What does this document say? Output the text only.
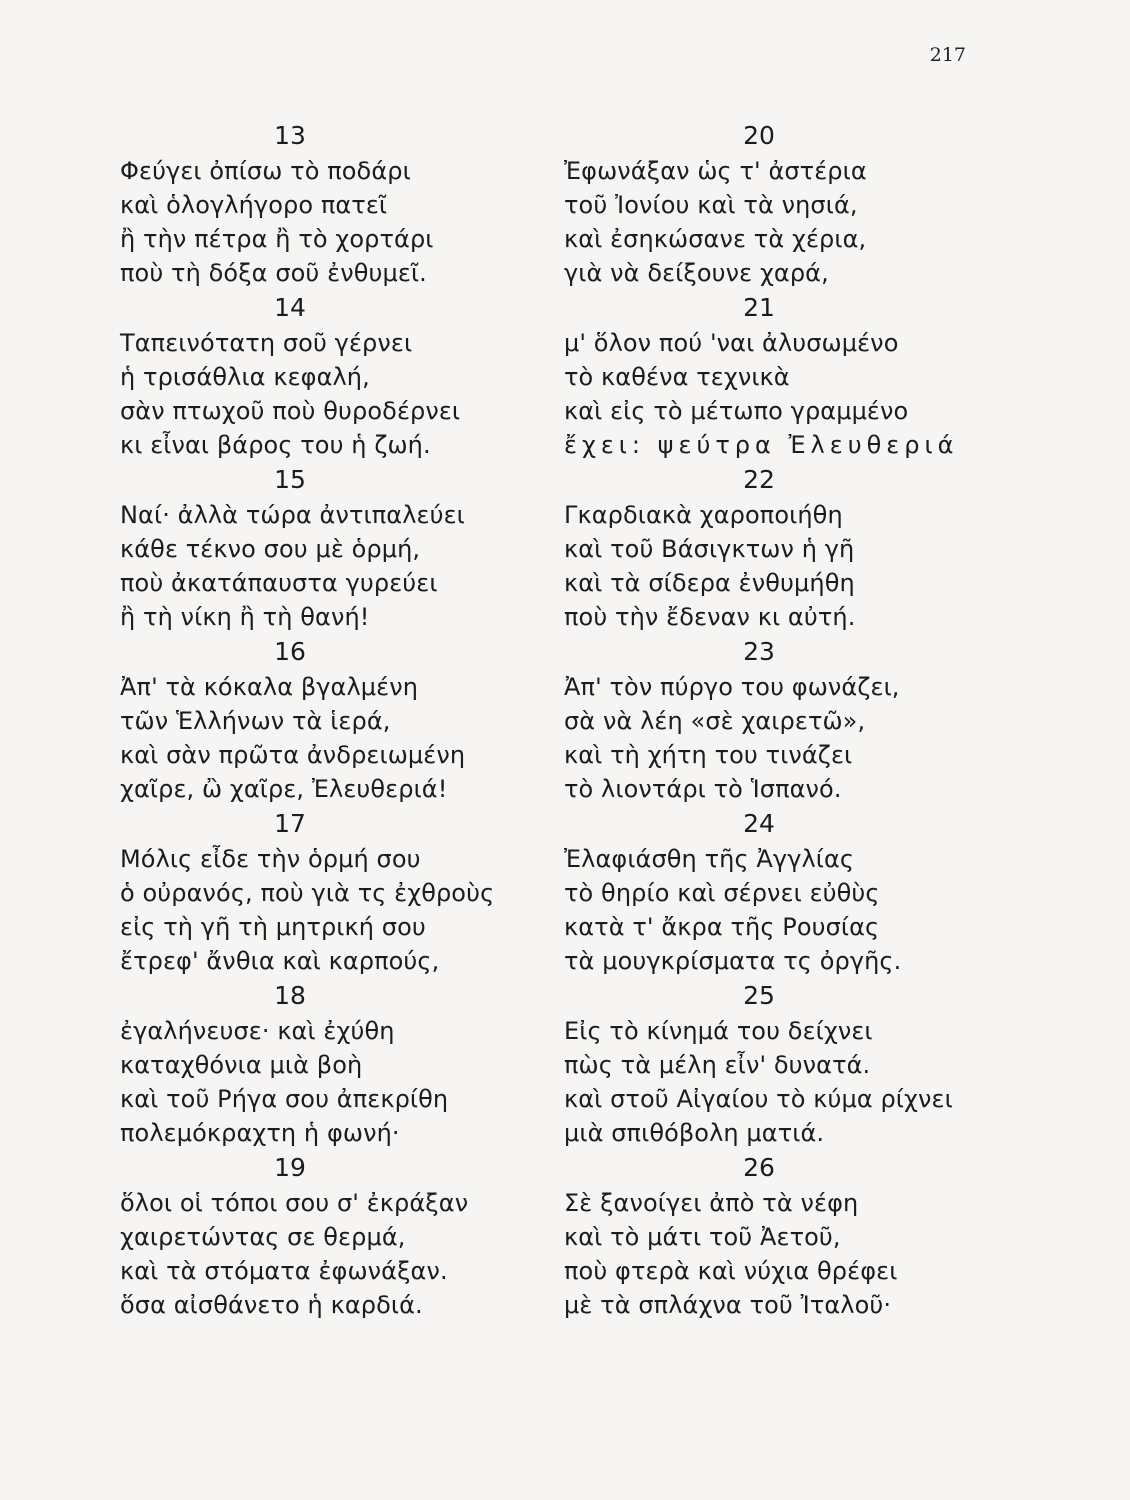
217
13
Φεύγει ὀπίσω τὸ ποδάρι
καὶ ὁλογλήγορο πατεῖ
ἢ τὴν πέτρα ἢ τὸ χορτάρι
ποὺ τὴ δόξα σοῦ ἐνθυμεῖ.
14
Ταπεινότατη σοῦ γέρνει
ἡ τρισάθλια κεφαλή,
σὰν πτωχοῦ ποὺ θυροδέρνει
κι εἶναι βάρος του ἡ ζωή.
15
Ναί· ἀλλὰ τώρα ἀντιπαλεύει
κάθε τέκνο σου μὲ ὁρμή,
ποὺ ἀκατάπαυστα γυρεύει
ἢ τὴ νίκη ἢ τὴ θανή!
16
Ἀπ' τὰ κόκαλα βγαλμένη
τῶν Ἑλλήνων τὰ ἱερά,
καὶ σὰν πρῶτα ἀνδρειωμένη
χαῖρε, ὢ χαῖρε, Ἐλευθεριά!
17
Μόλις εἶδε τὴν ὁρμή σου
ὁ οὐρανός, ποὺ γιὰ τς ἐχθροὺς
εἰς τὴ γῆ τὴ μητρική σου
ἔτρεφ' ἄνθια καὶ καρπούς,
18
ἐγαλήνευσε· καὶ ἐχύθη
καταχθόνια μιὰ βοὴ
καὶ τοῦ Ρήγα σου ἀπεκρίθη
πολεμόκραχτη ἡ φωνή·
19
ὅλοι οἱ τόποι σου σ' ἐκράξαν
χαιρετώντας σε θερμά,
καὶ τὰ στόματα ἐφωνάξαν.
ὅσα αἰσθάνετο ἡ καρδιά.
20
Ἐφωνάξαν ὡς τ' ἀστέρια
τοῦ Ἰονίου καὶ τὰ νησιά,
καὶ ἐσηκώσανε τὰ χέρια,
γιὰ νὰ δείξουνε χαρά,
21
μ' ὅλον πού 'ναι ἀλυσωμένο
τὸ καθένα τεχνικὰ
καὶ εἰς τὸ μέτωπο γραμμένο
ἔχει: ψεύτρα Ἐλευθεριά
22
Γκαρδιακὰ χαροποιήθη
καὶ τοῦ Βάσιγκτων ἡ γῆ
καὶ τὰ σίδερα ἐνθυμήθη
ποὺ τὴν ἔδεναν κι αὐτή.
23
Ἀπ' τὸν πύργο του φωνάζει,
σὰ νὰ λέη «σὲ χαιρετῶ»,
καὶ τὴ χήτη του τινάζει
τὸ λιοντάρι τὸ Ἱσπανό.
24
Ἐλαφιάσθη τῆς Ἀγγλίας
τὸ θηρίο καὶ σέρνει εὐθὺς
κατὰ τ' ἄκρα τῆς Ρουσίας
τὰ μουγκρίσματα τς ὀργῆς.
25
Εἰς τὸ κίνημά του δείχνει
πὼς τὰ μέλη εἶν' δυνατά.
καὶ στοῦ Αἰγαίου τὸ κύμα ρίχνει
μιὰ σπιθόβολη ματιά.
26
Σὲ ξανοίγει ἀπὸ τὰ νέφη
καὶ τὸ μάτι τοῦ Ἀετοῦ,
ποὺ φτερὰ καὶ νύχια θρέφει
μὲ τὰ σπλάχνα τοῦ Ἰταλοῦ·
